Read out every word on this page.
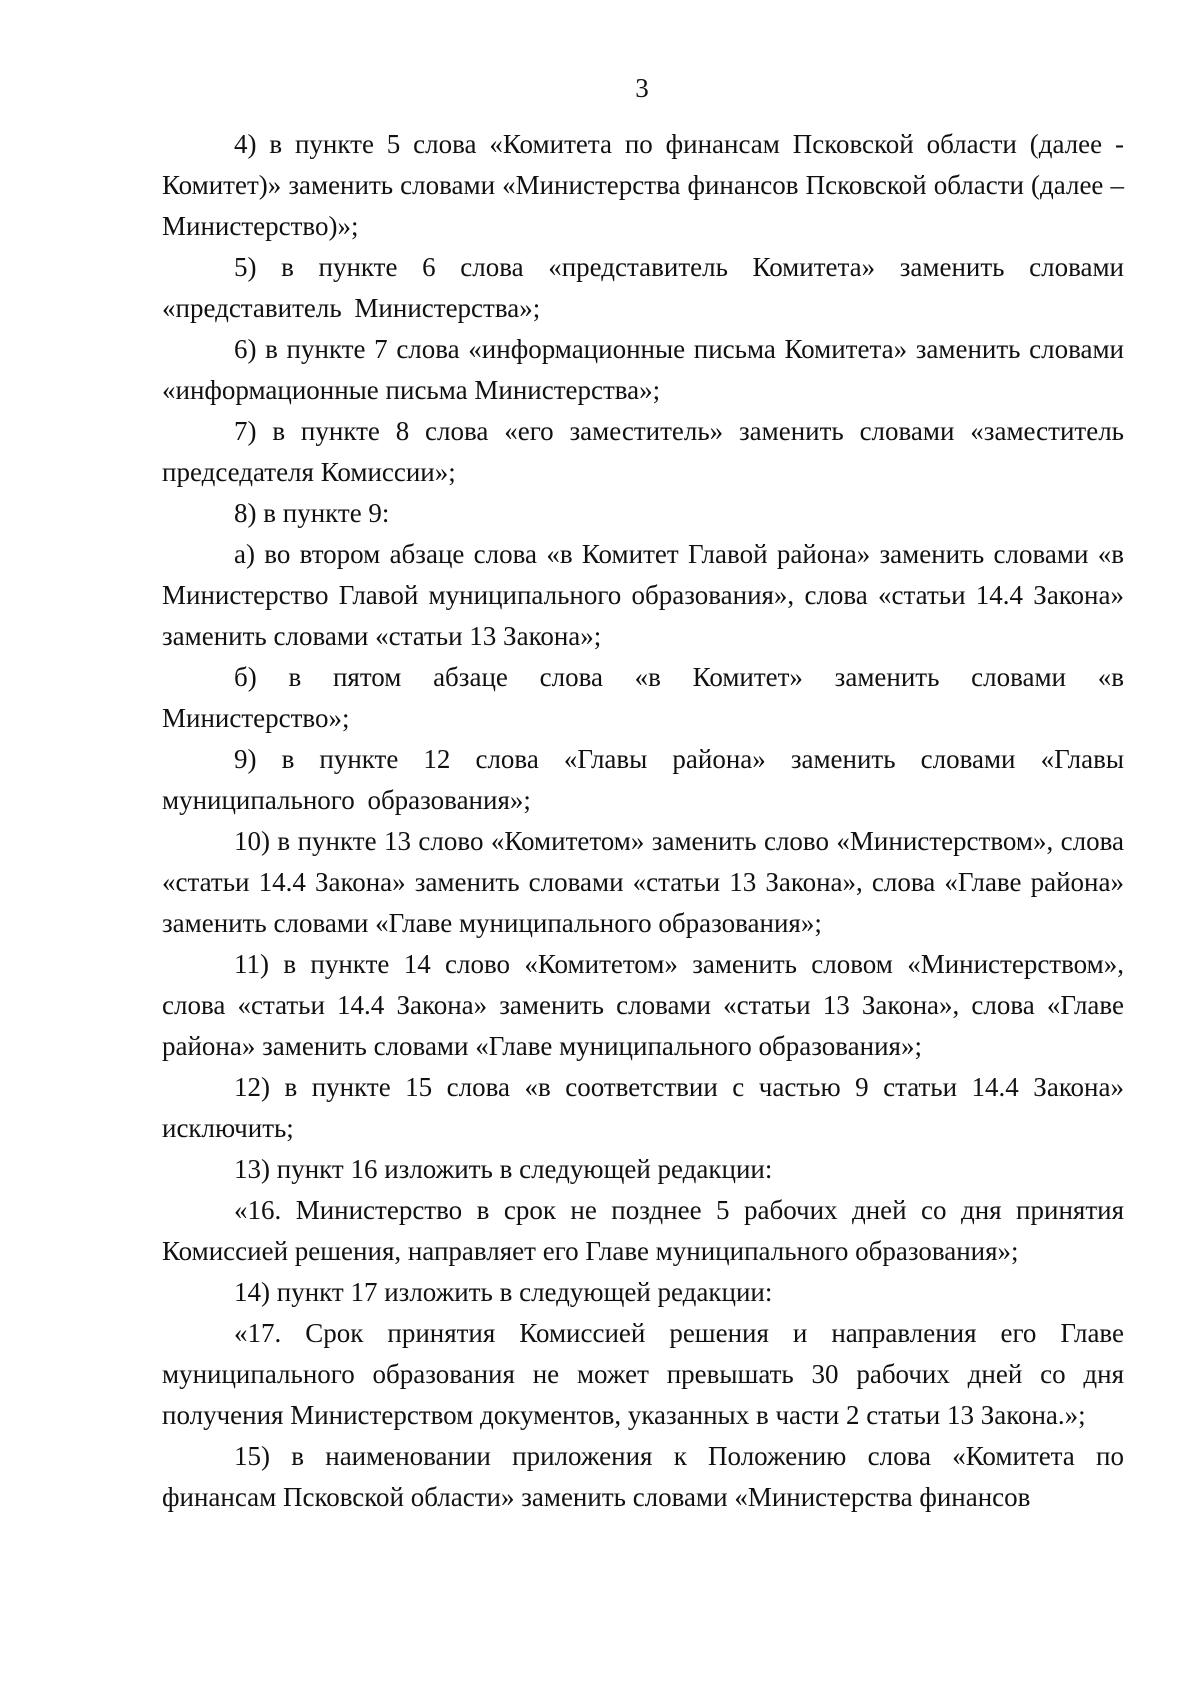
3

4) в пункте 5 слова «Комитета по финансам Псковской области (далее - Комитет)» заменить словами «Министерства финансов Псковской области (далее – Министерство)»;

5) в пункте 6 слова «представитель Комитета» заменить словами «представитель Министерства»;

6) в пункте 7 слова «информационные письма Комитета» заменить словами «информационные письма Министерства»;

7) в пункте 8 слова «его заместитель» заменить словами «заместитель председателя Комиссии»;

8) в пункте 9:

а) во втором абзаце слова «в Комитет Главой района» заменить словами «в Министерство Главой муниципального образования», слова «статьи 14.4 Закона» заменить словами «статьи 13 Закона»;

б) в пятом абзаце слова «в Комитет» заменить словами «в Министерство»;

9) в пункте 12 слова «Главы района» заменить словами «Главы муниципального образования»;

10) в пункте 13 слово «Комитетом» заменить слово «Министерством», слова «статьи 14.4 Закона» заменить словами «статьи 13 Закона», слова «Главе района» заменить словами «Главе муниципального образования»;

11) в пункте 14 слово «Комитетом» заменить словом «Министерством», слова «статьи 14.4 Закона» заменить словами «статьи 13 Закона», слова «Главе района» заменить словами «Главе муниципального образования»;

12) в пункте 15 слова «в соответствии с частью 9 статьи 14.4 Закона» исключить;

13) пункт 16 изложить в следующей редакции:

«16. Министерство в срок не позднее 5 рабочих дней со дня принятия Комиссией решения, направляет его Главе муниципального образования»;

14) пункт 17 изложить в следующей редакции:

«17. Срок принятия Комиссией решения и направления его Главе муниципального образования не может превышать 30 рабочих дней со дня получения Министерством документов, указанных в части 2 статьи 13 Закона.»;

15) в наименовании приложения к Положению слова «Комитета по финансам Псковской области» заменить словами «Министерства финансов
